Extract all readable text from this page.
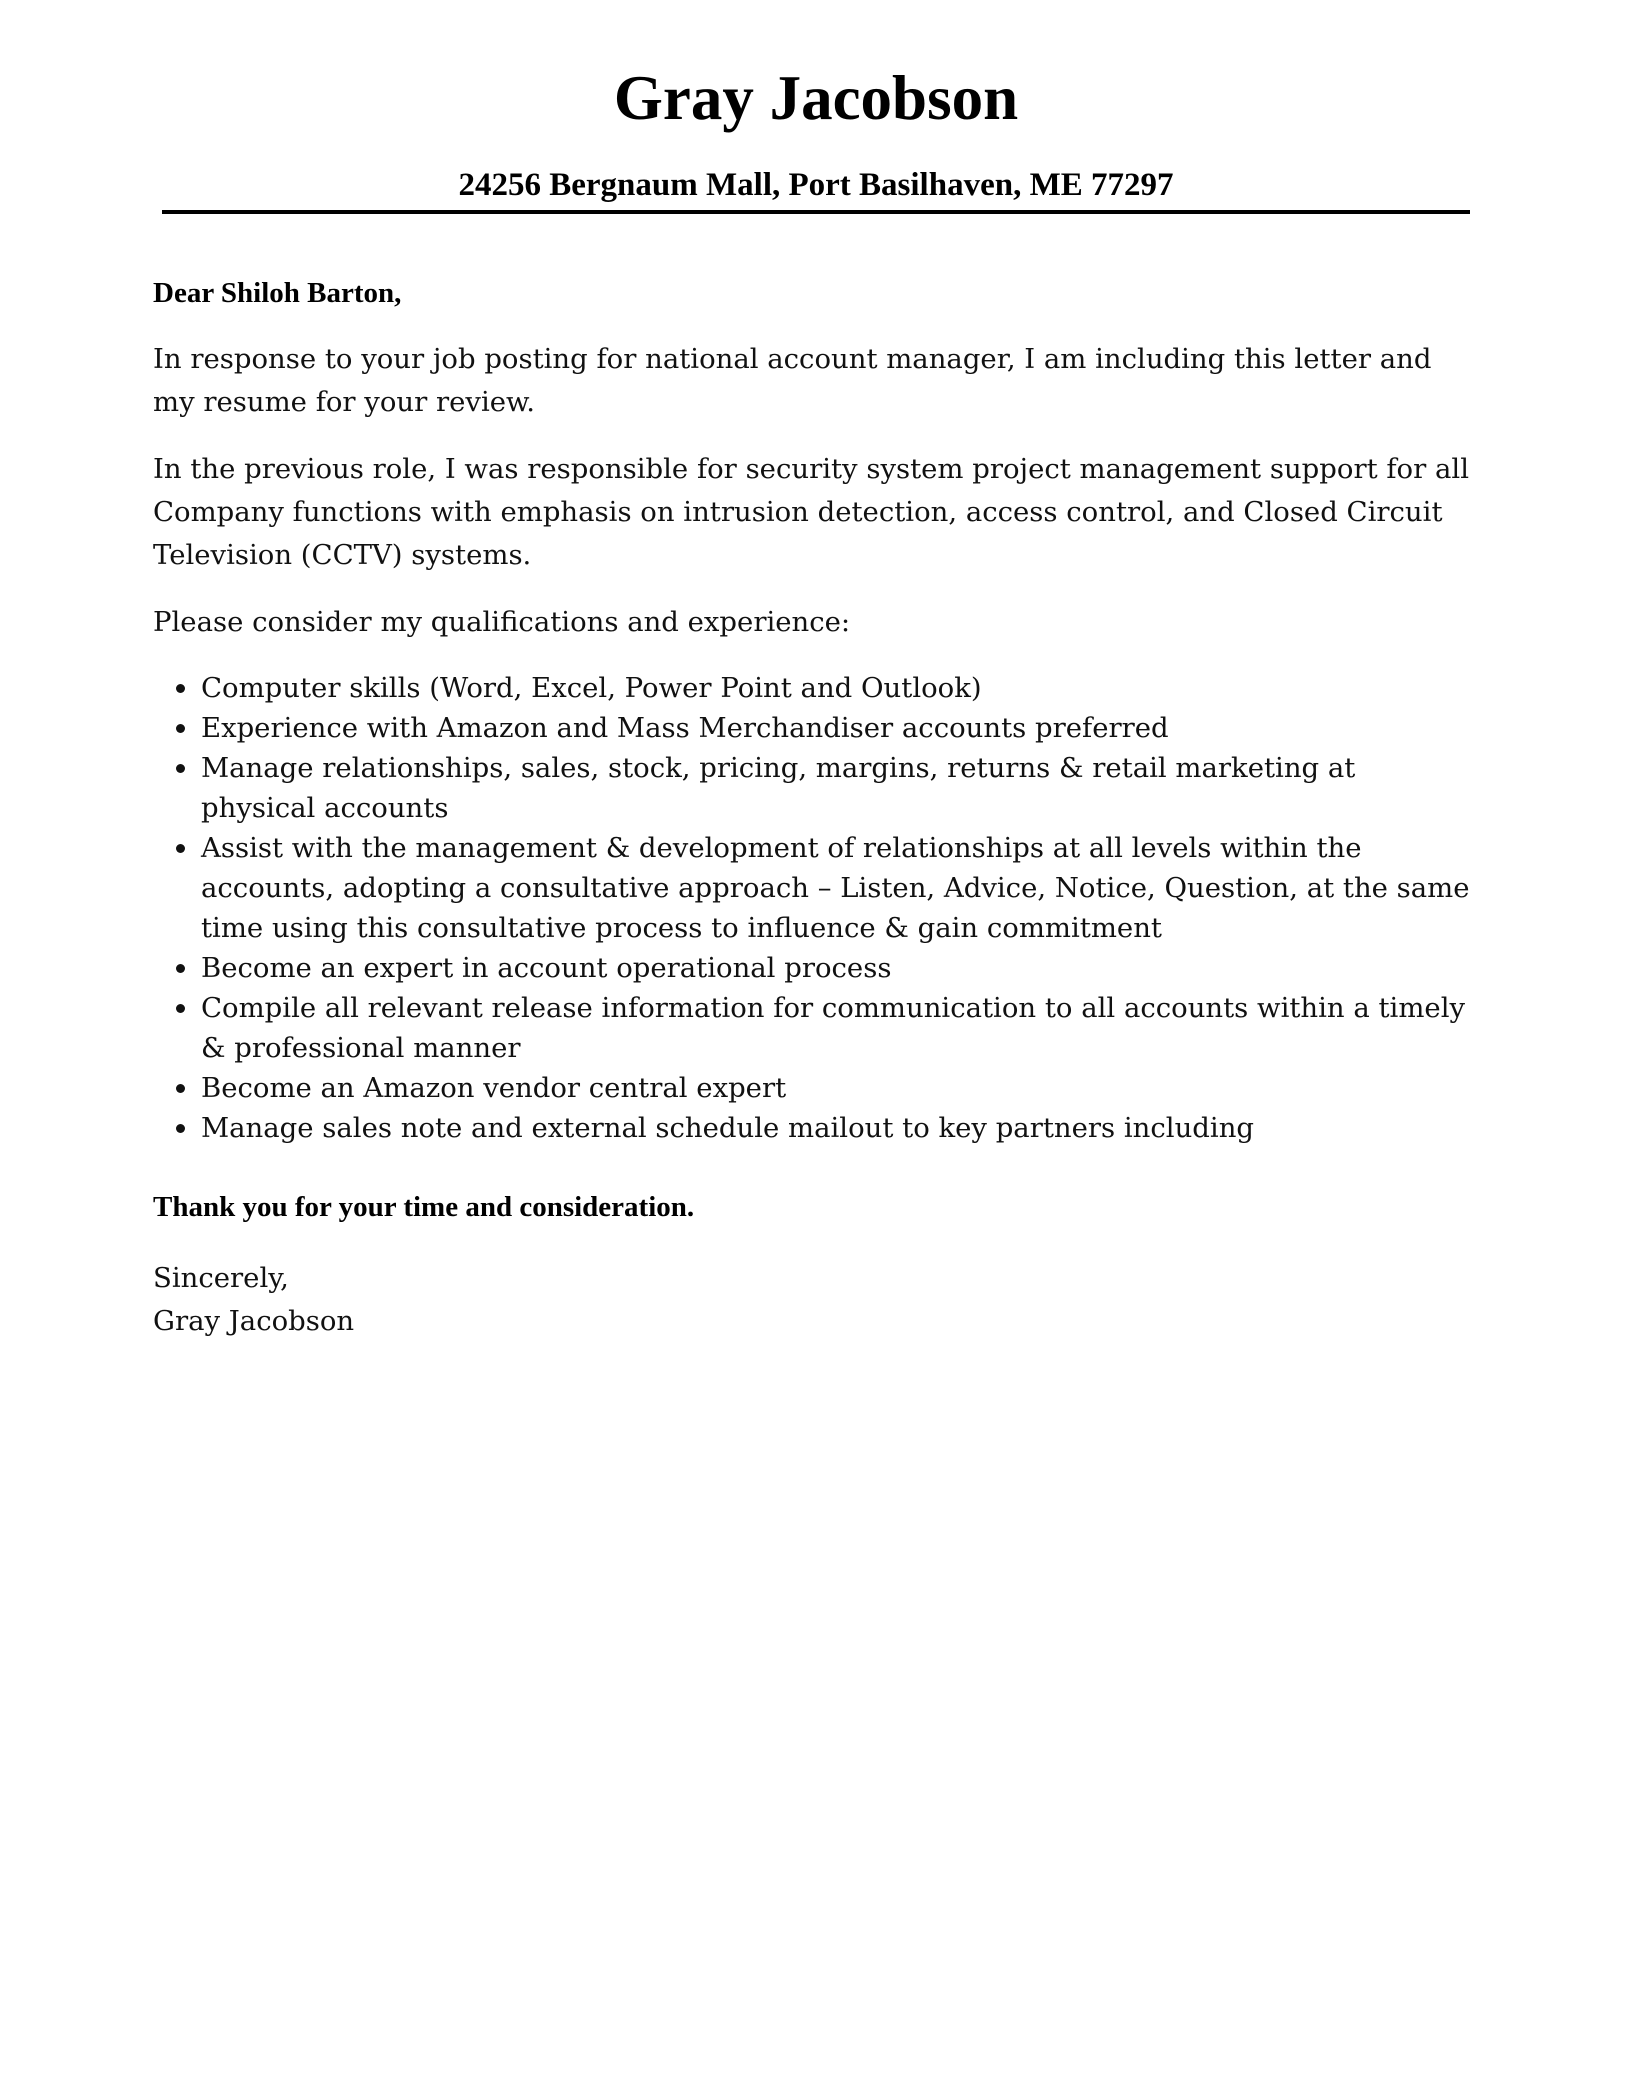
Gray Jacobson

24256 Bergnaum Mall, Port Basilhaven, ME 77297

Dear Shiloh Barton,

In response to your job posting for national account manager, I am including this letter and my resume for your review.

In the previous role, I was responsible for security system project management support for all Company functions with emphasis on intrusion detection, access control, and Closed Circuit Television (CCTV) systems.

Please consider my qualifications and experience:

Computer skills (Word, Excel, Power Point and Outlook)
Experience with Amazon and Mass Merchandiser accounts preferred
Manage relationships, sales, stock, pricing, margins, returns & retail marketing at physical accounts
Assist with the management & development of relationships at all levels within the accounts, adopting a consultative approach – Listen, Advice, Notice, Question, at the same time using this consultative process to influence & gain commitment
Become an expert in account operational process
Compile all relevant release information for communication to all accounts within a timely & professional manner
Become an Amazon vendor central expert
Manage sales note and external schedule mailout to key partners including

Thank you for your time and consideration.

Sincerely,

Gray Jacobson
